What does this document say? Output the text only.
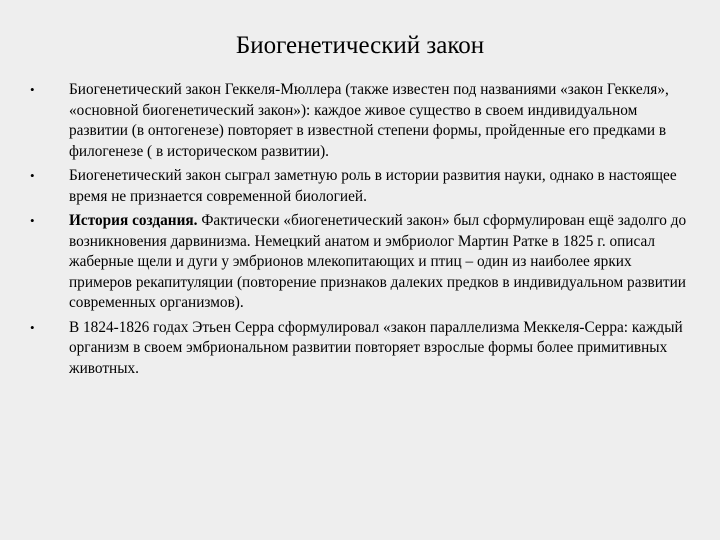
Биогенетический закон
•	Биогенетический закон Геккеля-Мюллера (также известен под названиями «закон Геккеля», «основной биогенетический закон»): каждое живое существо в своем индивидуальном развитии (в онтогенезе) повторяет в известной степени формы, пройденные его предками в филогенезе ( в историческом развитии).
•	Биогенетический закон сыграл заметную роль в истории развития науки, однако в настоящее время не признается современной биологией.
•	История создания. Фактически «биогенетический закон» был сформулирован ещё задолго до возникновения дарвинизма. Немецкий анатом и эмбриолог Мартин Ратке в 1825 г. описал жаберные щели и дуги у эмбрионов млекопитающих и птиц – один из наиболее ярких примеров рекапитуляции (повторение признаков далеких предков в индивидуальном развитии современных организмов).
•	В 1824-1826 годах Этьен Серра сформулировал «закон параллелизма Меккеля-Серра: каждый организм в своем эмбриональном развитии повторяет взрослые формы более примитивных животных.
